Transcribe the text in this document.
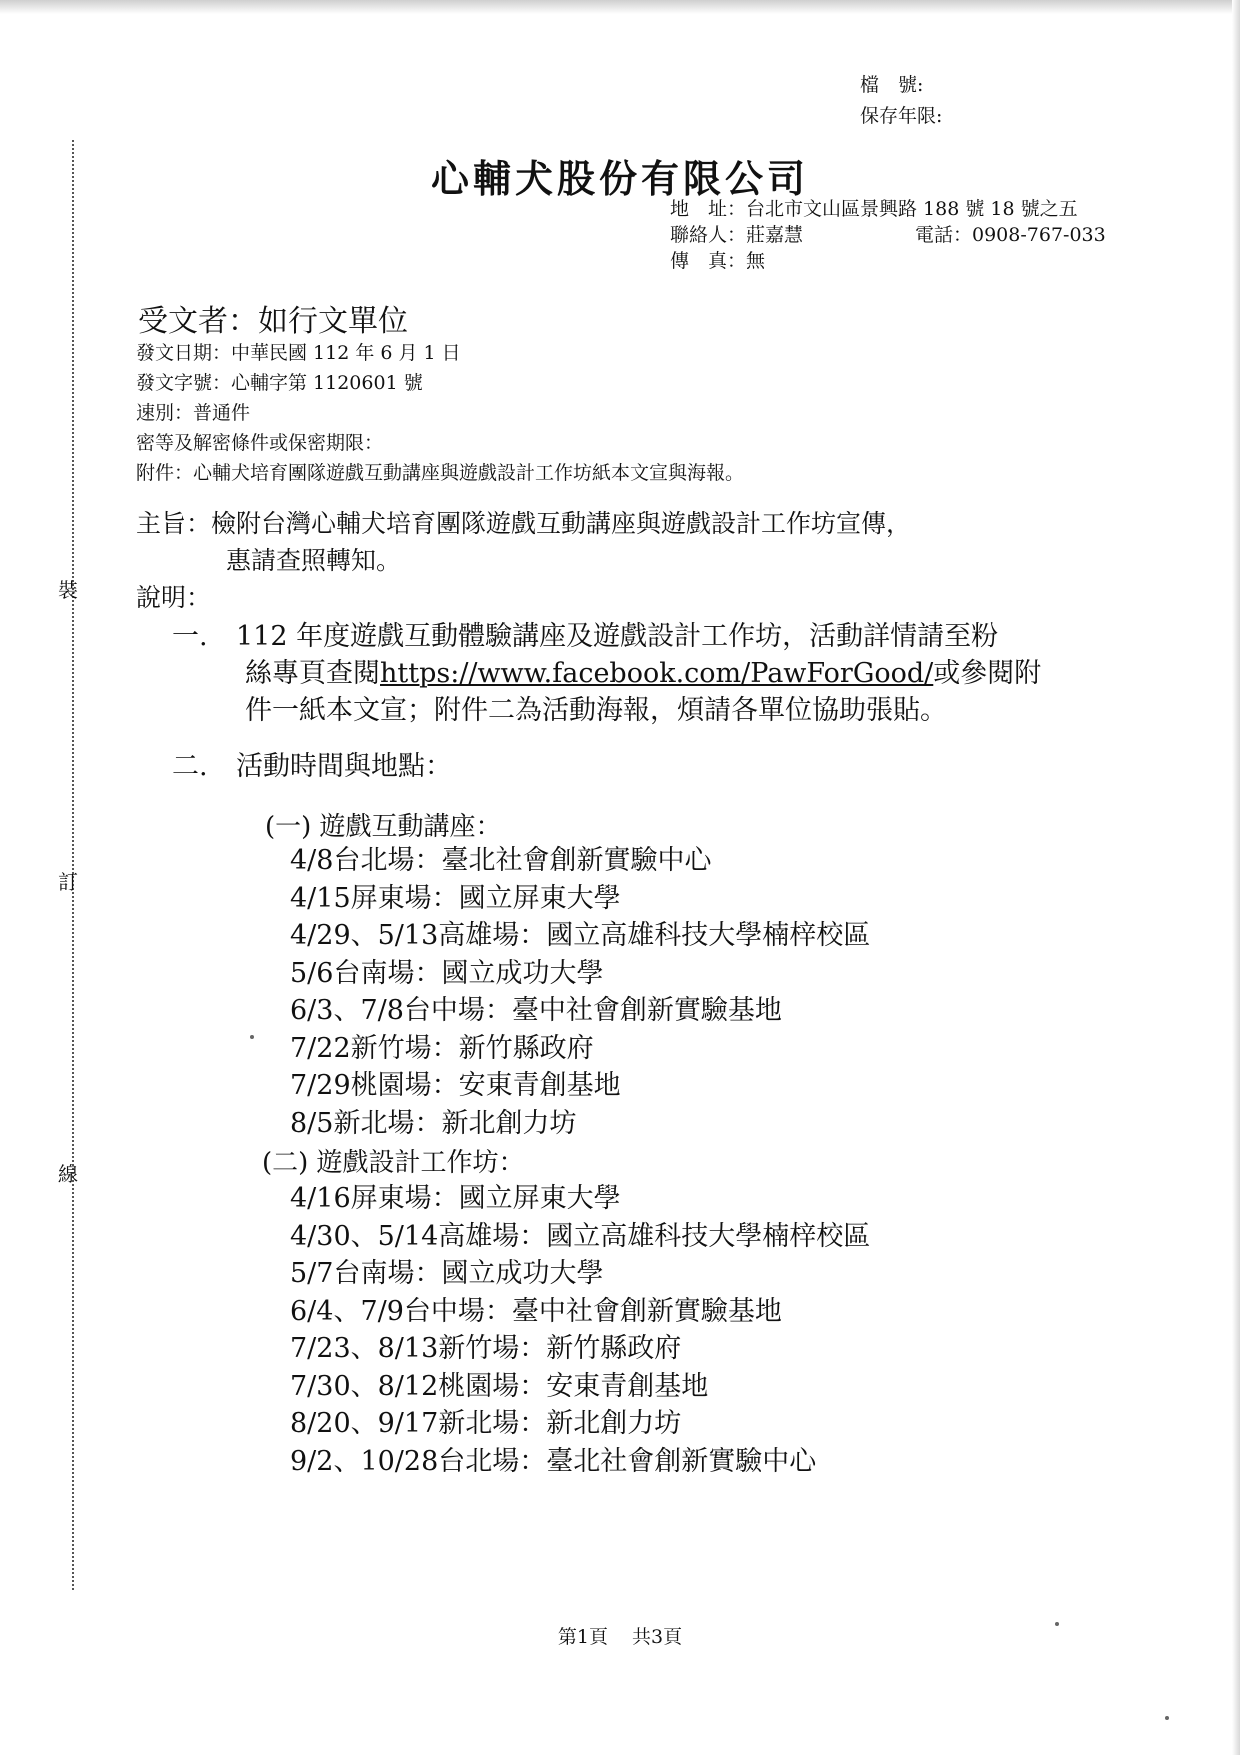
裝
訂
線
檔　號:
保存年限:
心輔犬股份有限公司
地　址：台北市文山區景興路 188 號 18 號之五
聯絡人：莊嘉慧	電話：0908-767-033
傳　真：無
受文者：如行文單位
發文日期：中華民國 112 年 6 月 1 日
發文字號：心輔字第 1120601 號
速別：普通件
密等及解密條件或保密期限：
附件：心輔犬培育團隊遊戲互動講座與遊戲設計工作坊紙本文宣與海報。
主旨：檢附台灣心輔犬培育團隊遊戲互動講座與遊戲設計工作坊宣傳，
惠請查照轉知。
說明：
一. 112 年度遊戲互動體驗講座及遊戲設計工作坊，活動詳情請至粉
絲專頁查閱https://www.facebook.com/PawForGood/或參閱附
件一紙本文宣；附件二為活動海報，煩請各單位協助張貼。
二. 活動時間與地點：
(一) 遊戲互動講座：
4/8台北場：臺北社會創新實驗中心
4/15屏東場：國立屏東大學
4/29、5/13高雄場：國立高雄科技大學楠梓校區
5/6台南場：國立成功大學
6/3、7/8台中場：臺中社會創新實驗基地
7/22新竹場：新竹縣政府
7/29桃園場：安東青創基地
8/5新北場：新北創力坊
(二) 遊戲設計工作坊：
4/16屏東場：國立屏東大學
4/30、5/14高雄場：國立高雄科技大學楠梓校區
5/7台南場：國立成功大學
6/4、7/9台中場：臺中社會創新實驗基地
7/23、8/13新竹場：新竹縣政府
7/30、8/12桃園場：安東青創基地
8/20、9/17新北場：新北創力坊
9/2、10/28台北場：臺北社會創新實驗中心
第1頁 共3頁
